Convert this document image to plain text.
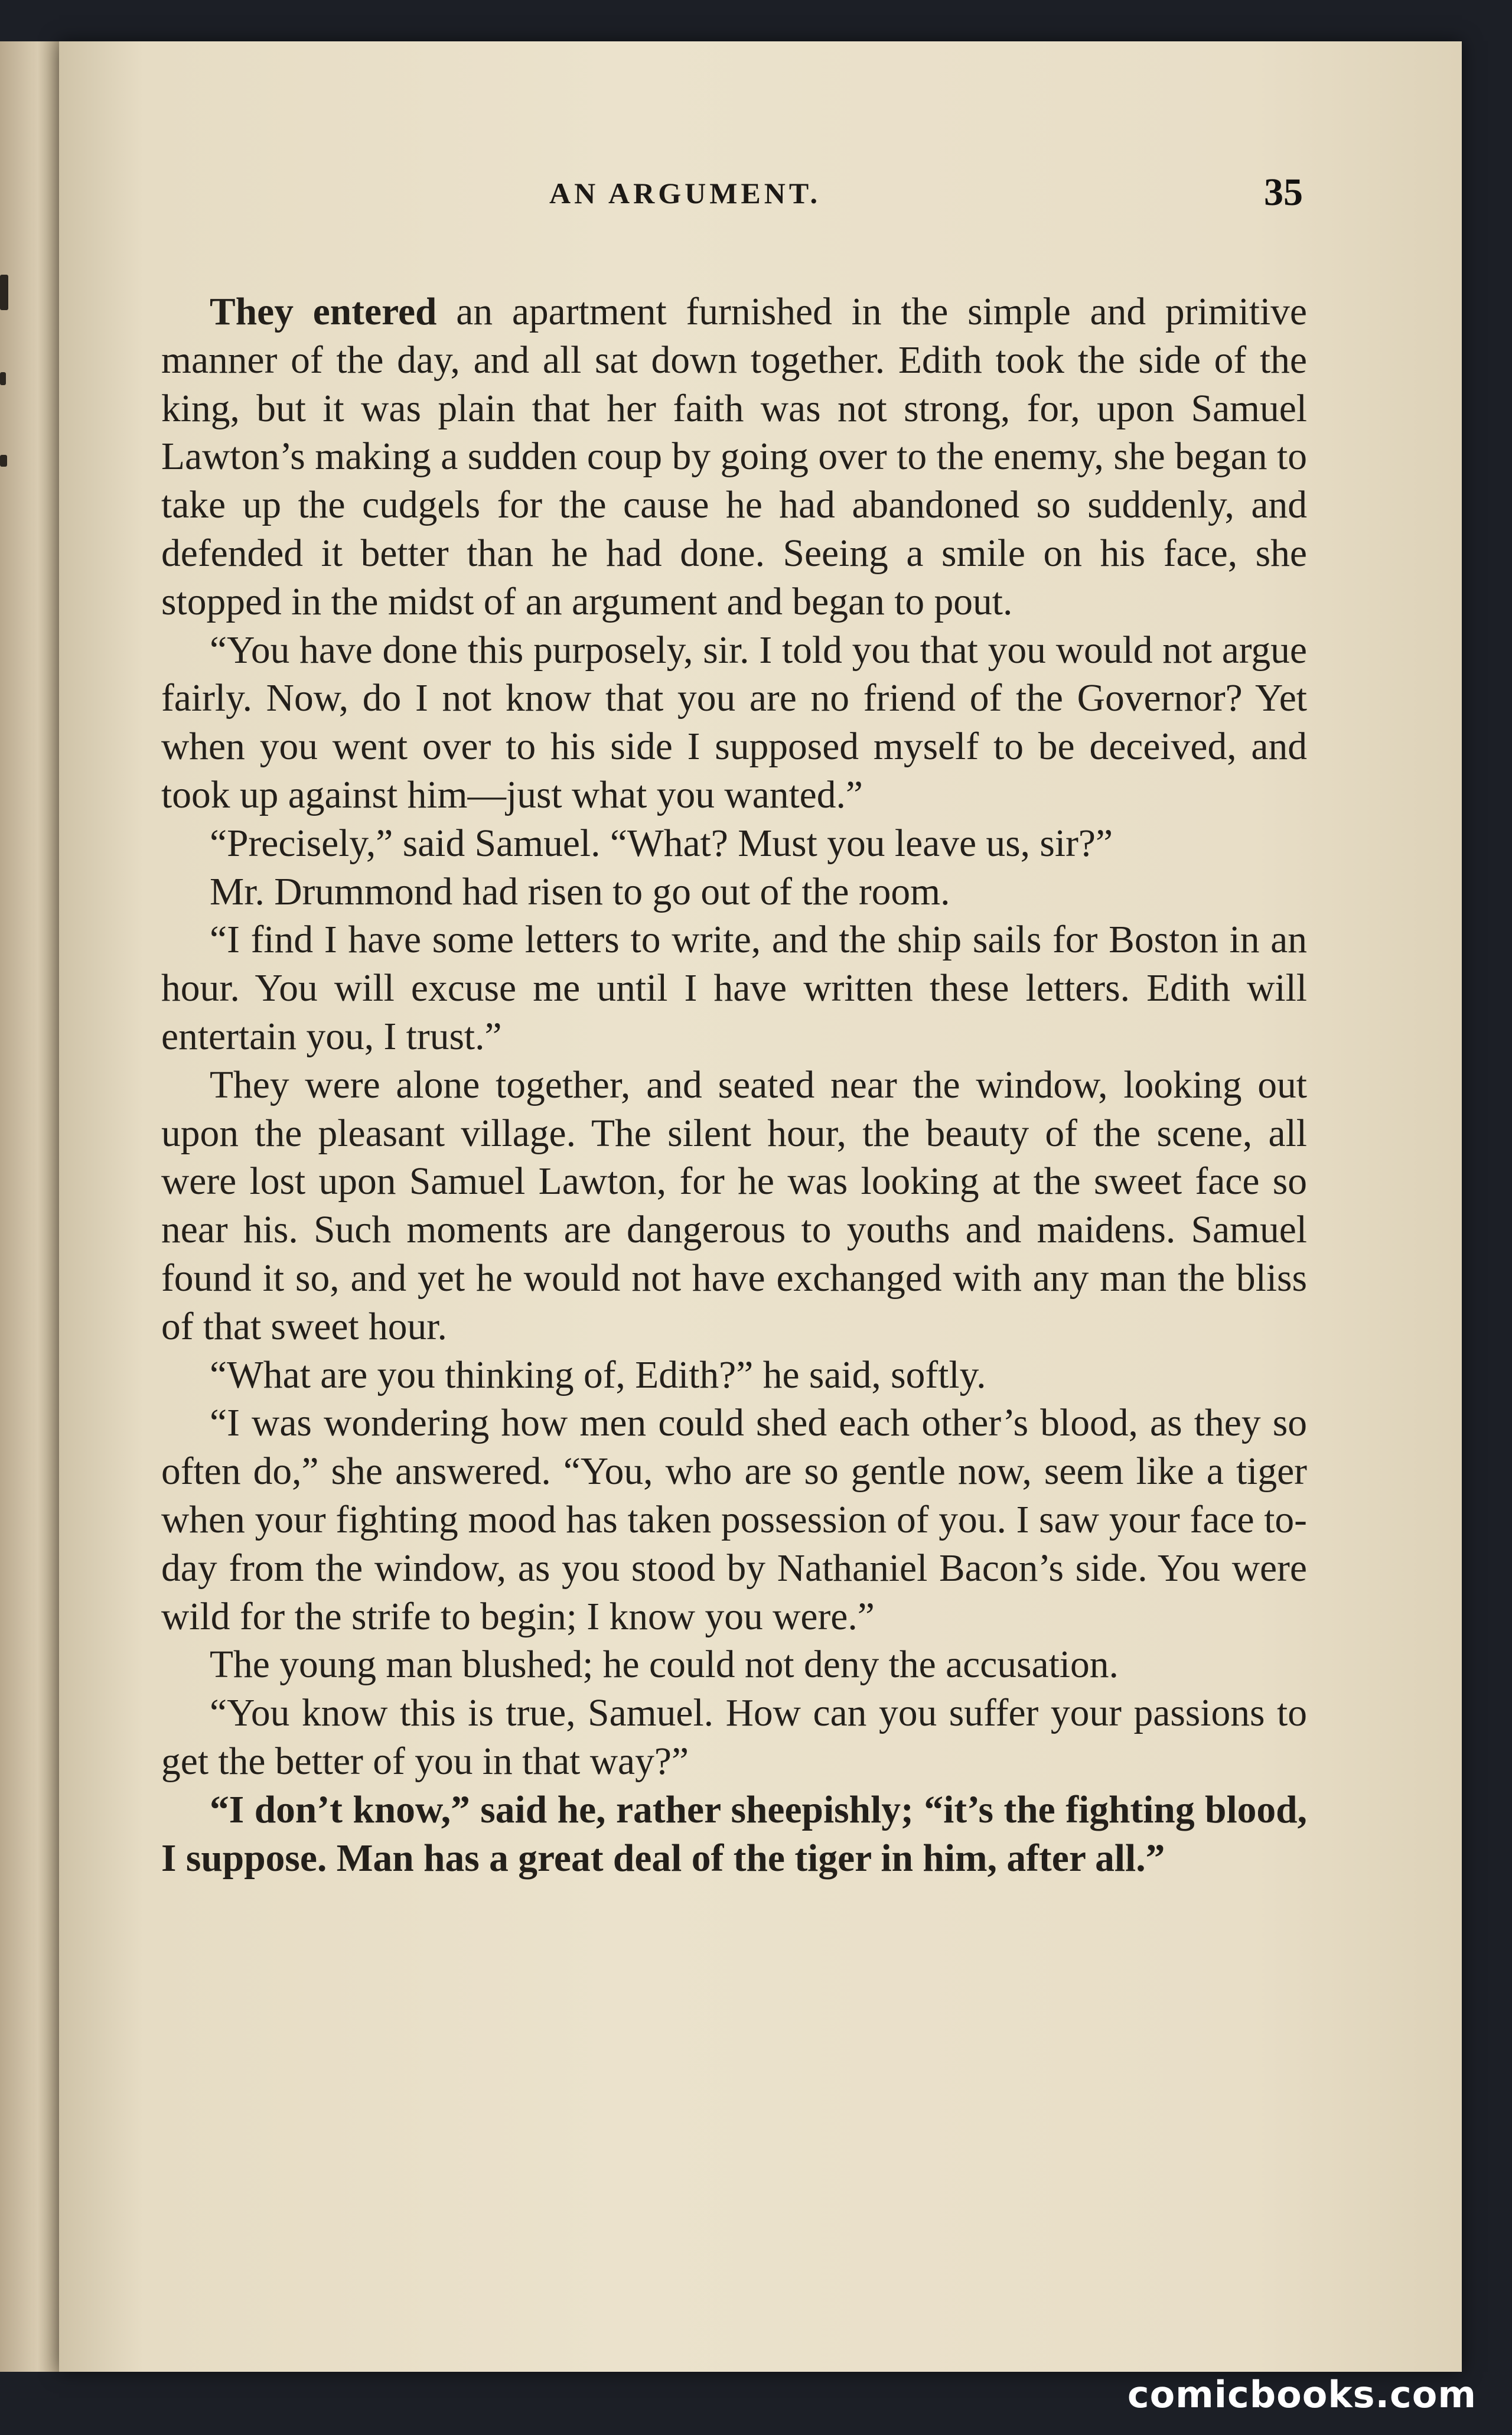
AN ARGUMENT.	35

They entered an apartment furnished in the simple and primitive manner of the day, and all sat down together. Edith took the side of the king, but it was plain that her faith was not strong, for, upon Samuel Lawton’s making a sudden coup by going over to the enemy, she began to take up the cudgels for the cause he had abandoned so suddenly, and defended it better than he had done. Seeing a smile on his face, she stopped in the midst of an argument and began to pout.

“You have done this purposely, sir. I told you that you would not argue fairly. Now, do I not know that you are no friend of the Governor? Yet when you went over to his side I supposed myself to be deceived, and took up against him—just what you wanted.”

“Precisely,” said Samuel. “What? Must you leave us, sir?”

Mr. Drummond had risen to go out of the room.

“I find I have some letters to write, and the ship sails for Boston in an hour. You will excuse me until I have written these letters. Edith will entertain you, I trust.”

They were alone together, and seated near the window, looking out upon the pleasant village. The silent hour, the beauty of the scene, all were lost upon Samuel Lawton, for he was looking at the sweet face so near his. Such moments are dangerous to youths and maidens. Samuel found it so, and yet he would not have exchanged with any man the bliss of that sweet hour.

“What are you thinking of, Edith?” he said, softly.

“I was wondering how men could shed each other’s blood, as they so often do,” she answered. “You, who are so gentle now, seem like a tiger when your fighting mood has taken possession of you. I saw your face to-day from the window, as you stood by Nathaniel Bacon’s side. You were wild for the strife to begin; I know you were.”

The young man blushed; he could not deny the accusation.

“You know this is true, Samuel. How can you suffer your passions to get the better of you in that way?”

“I don’t know,” said he, rather sheepishly; “it’s the fighting blood, I suppose. Man has a great deal of the tiger in him, after all.”

comicbooks.com
